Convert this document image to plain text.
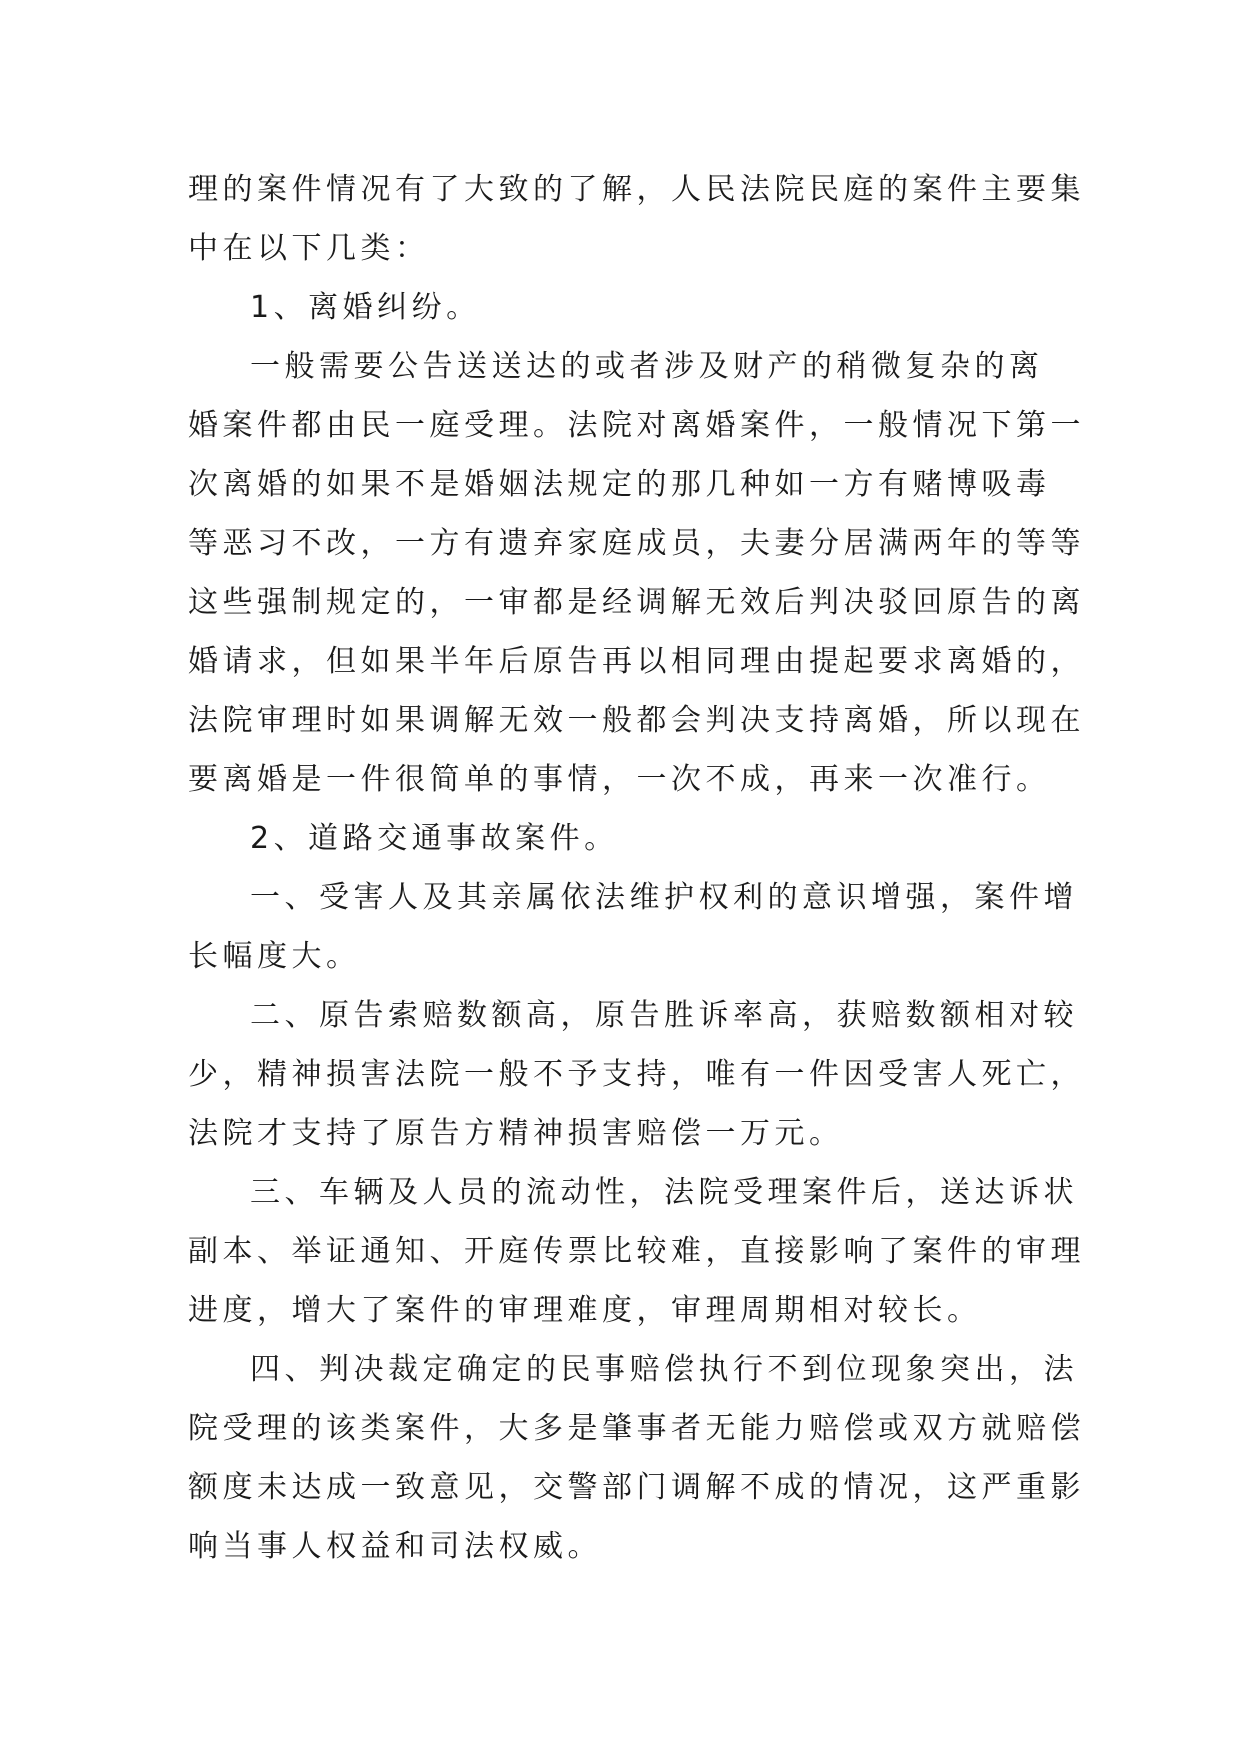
理的案件情况有了大致的了解，人民法院民庭的案件主要集
中在以下几类：
1、离婚纠纷。
一般需要公告送送达的或者涉及财产的稍微复杂的离
婚案件都由民一庭受理。法院对离婚案件，一般情况下第一
次离婚的如果不是婚姻法规定的那几种如一方有赌博吸毒
等恶习不改，一方有遗弃家庭成员，夫妻分居满两年的等等
这些强制规定的，一审都是经调解无效后判决驳回原告的离
婚请求，但如果半年后原告再以相同理由提起要求离婚的，
法院审理时如果调解无效一般都会判决支持离婚，所以现在
要离婚是一件很简单的事情，一次不成，再来一次准行。
2、道路交通事故案件。
一、受害人及其亲属依法维护权利的意识增强，案件增
长幅度大。
二、原告索赔数额高，原告胜诉率高，获赔数额相对较
少，精神损害法院一般不予支持，唯有一件因受害人死亡，
法院才支持了原告方精神损害赔偿一万元。
三、车辆及人员的流动性，法院受理案件后，送达诉状
副本、举证通知、开庭传票比较难，直接影响了案件的审理
进度，增大了案件的审理难度，审理周期相对较长。
四、判决裁定确定的民事赔偿执行不到位现象突出，法
院受理的该类案件，大多是肇事者无能力赔偿或双方就赔偿
额度未达成一致意见，交警部门调解不成的情况，这严重影
响当事人权益和司法权威。
